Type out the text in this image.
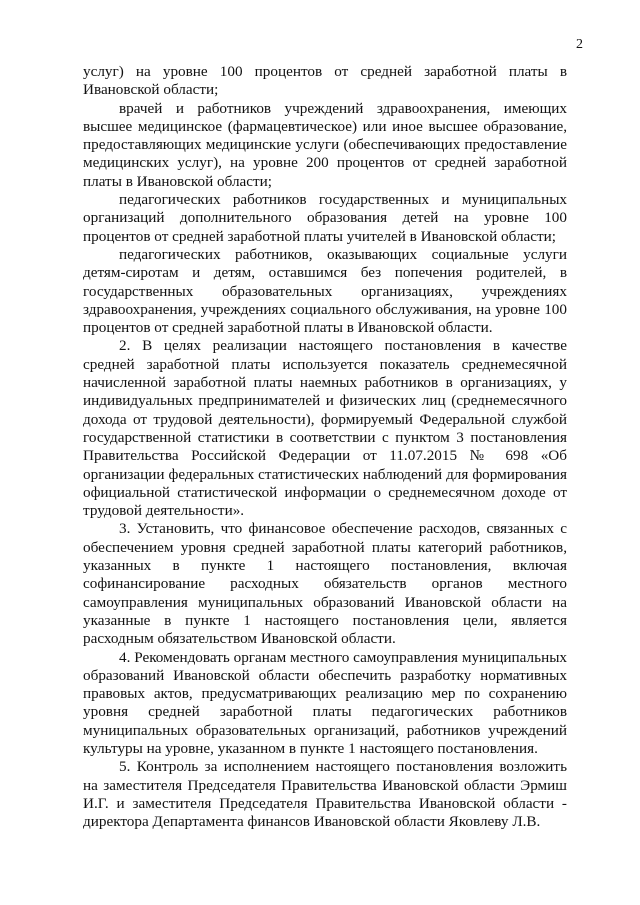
2

услуг) на уровне 100 процентов от средней заработной платы в Ивановской области;

врачей и работников учреждений здравоохранения, имеющих высшее медицинское (фармацевтическое) или иное высшее образование, предоставляющих медицинские услуги (обеспечивающих предоставление медицинских услуг), на уровне 200 процентов от средней заработной платы в Ивановской области;

педагогических работников государственных и муниципальных организаций дополнительного образования детей на уровне 100 процентов от средней заработной платы учителей в Ивановской области;

педагогических работников, оказывающих социальные услуги детям-сиротам и детям, оставшимся без попечения родителей, в государственных образовательных организациях, учреждениях здравоохранения, учреждениях социального обслуживания, на уровне 100 процентов от средней заработной платы в Ивановской области.

2. В целях реализации настоящего постановления в качестве средней заработной платы используется показатель среднемесячной начисленной заработной платы наемных работников в организациях, у индивидуальных предпринимателей и физических лиц (среднемесячного дохода от трудовой деятельности), формируемый Федеральной службой государственной статистики в соответствии с пунктом 3 постановления Правительства Российской Федерации от 11.07.2015 № 698 «Об организации федеральных статистических наблюдений для формирования официальной статистической информации о среднемесячном доходе от трудовой деятельности».

3. Установить, что финансовое обеспечение расходов, связанных с обеспечением уровня средней заработной платы категорий работников, указанных в пункте 1 настоящего постановления, включая софинансирование расходных обязательств органов местного самоуправления муниципальных образований Ивановской области на указанные в пункте 1 настоящего постановления цели, является расходным обязательством Ивановской области.

4. Рекомендовать органам местного самоуправления муниципальных образований Ивановской области обеспечить разработку нормативных правовых актов, предусматривающих реализацию мер по сохранению уровня средней заработной платы педагогических работников муниципальных образовательных организаций, работников учреждений культуры на уровне, указанном в пункте 1 настоящего постановления.

5. Контроль за исполнением настоящего постановления возложить на заместителя Председателя Правительства Ивановской области Эрмиш И.Г. и заместителя Председателя Правительства Ивановской области - директора Департамента финансов Ивановской области Яковлеву Л.В.
